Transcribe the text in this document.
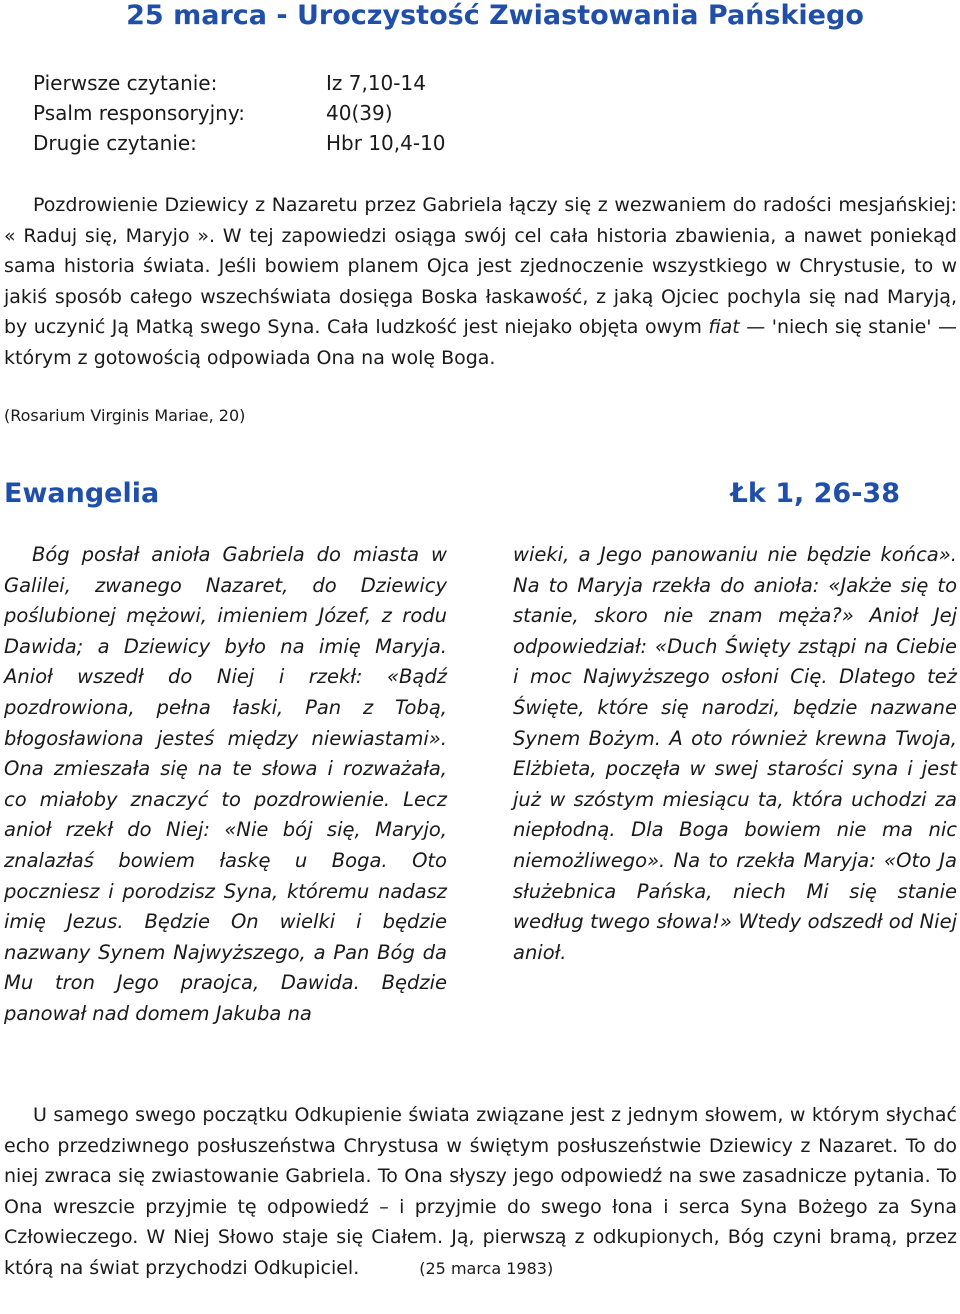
25 marca - Uroczystość Zwiastowania Pańskiego
Pierwsze czytanie:	Iz 7,10-14
Psalm responsoryjny:	40(39)
Drugie czytanie:	Hbr 10,4-10

Pozdrowienie Dziewicy z Nazaretu przez Gabriela łączy się z wezwaniem do radości mesjańskiej: « Raduj się, Maryjo ». W tej zapowiedzi osiąga swój cel cała historia zbawienia, a nawet poniekąd sama historia świata. Jeśli bowiem planem Ojca jest zjednoczenie wszystkiego w Chrystusie, to w jakiś sposób całego wszechświata dosięga Boska łaskawość, z jaką Ojciec pochyla się nad Maryją, by uczynić Ją Matką swego Syna. Cała ludzkość jest niejako objęta owym fiat — 'niech się stanie' — którym z gotowością odpowiada Ona na wolę Boga.

(Rosarium Virginis Mariae, 20)
Ewangelia	Łk 1, 26-38

Bóg posłał anioła Gabriela do miasta w Galilei, zwanego Nazaret, do Dziewicy poślubionej mężowi, imieniem Józef, z rodu Dawida; a Dziewicy było na imię Maryja. Anioł wszedł do Niej i rzekł: «Bądź pozdrowiona, pełna łaski, Pan z Tobą, błogosławiona jesteś między niewiastami». Ona zmieszała się na te słowa i rozważała, co miałoby znaczyć to pozdrowienie. Lecz anioł rzekł do Niej: «Nie bój się, Maryjo, znalazłaś bowiem łaskę u Boga. Oto poczniesz i porodzisz Syna, któremu nadasz imię Jezus. Będzie On wielki i będzie nazwany Synem Najwyższego, a Pan Bóg da Mu tron Jego praojca, Dawida. Będzie panował nad domem Jakuba na

wieki, a Jego panowaniu nie będzie końca». Na to Maryja rzekła do anioła: «Jakże się to stanie, skoro nie znam męża?» Anioł Jej odpowiedział: «Duch Święty zstąpi na Ciebie i moc Najwyższego osłoni Cię. Dlatego też Święte, które się narodzi, będzie nazwane Synem Bożym. A oto również krewna Twoja, Elżbieta, poczęła w swej starości syna i jest już w szóstym miesiącu ta, która uchodzi za niepłodną. Dla Boga bowiem nie ma nic niemożliwego». Na to rzekła Maryja: «Oto Ja służebnica Pańska, niech Mi się stanie według twego słowa!» Wtedy odszedł od Niej anioł.

U samego swego początku Odkupienie świata związane jest z jednym słowem, w którym słychać echo przedziwnego posłuszeństwa Chrystusa w świętym posłuszeństwie Dziewicy z Nazaret. To do niej zwraca się zwiastowanie Gabriela. To Ona słyszy jego odpowiedź na swe zasadnicze pytania. To Ona wreszcie przyjmie tę odpowiedź – i przyjmie do swego łona i serca Syna Bożego za Syna Człowieczego. W Niej Słowo staje się Ciałem. Ją, pierwszą z odkupionych, Bóg czyni bramą, przez którą na świat przychodzi Odkupiciel.	(25 marca 1983)
